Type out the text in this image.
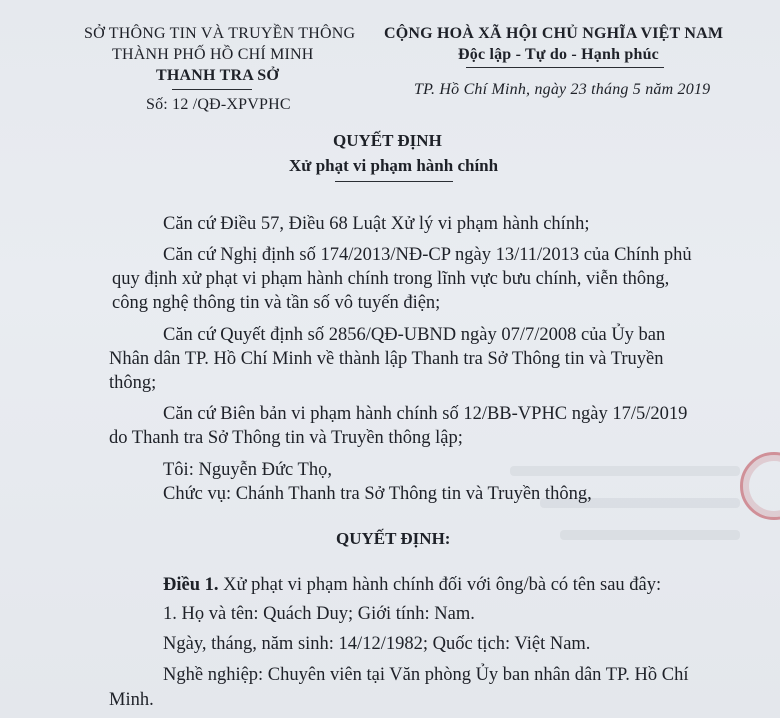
SỞ THÔNG TIN VÀ TRUYỀN THÔNG
THÀNH PHỐ HỒ CHÍ MINH
THANH TRA SỞ
Số: 12 /QĐ-XPVPHC
CỘNG HOÀ XÃ HỘI CHỦ NGHĨA VIỆT NAM
Độc lập - Tự do - Hạnh phúc
TP. Hồ Chí Minh, ngày 23 tháng 5 năm 2019
QUYẾT ĐỊNH
Xử phạt vi phạm hành chính
Căn cứ Điều 57, Điều 68 Luật Xử lý vi phạm hành chính;
Căn cứ Nghị định số 174/2013/NĐ-CP ngày 13/11/2013 của Chính phủ
quy định xử phạt vi phạm hành chính trong lĩnh vực bưu chính, viễn thông,
công nghệ thông tin và tần số vô tuyến điện;
Căn cứ Quyết định số 2856/QĐ-UBND ngày 07/7/2008 của Ủy ban
Nhân dân TP. Hồ Chí Minh về thành lập Thanh tra Sở Thông tin và Truyền
thông;
Căn cứ Biên bản vi phạm hành chính số 12/BB-VPHC ngày 17/5/2019
do Thanh tra Sở Thông tin và Truyền thông lập;
Tôi: Nguyễn Đức Thọ,
Chức vụ: Chánh Thanh tra Sở Thông tin và Truyền thông,
QUYẾT ĐỊNH:
Điều 1. Xử phạt vi phạm hành chính đối với ông/bà có tên sau đây:
1. Họ và tên: Quách Duy; Giới tính: Nam.
Ngày, tháng, năm sinh: 14/12/1982; Quốc tịch: Việt Nam.
Nghề nghiệp: Chuyên viên tại Văn phòng Ủy ban nhân dân TP. Hồ Chí
Minh.
